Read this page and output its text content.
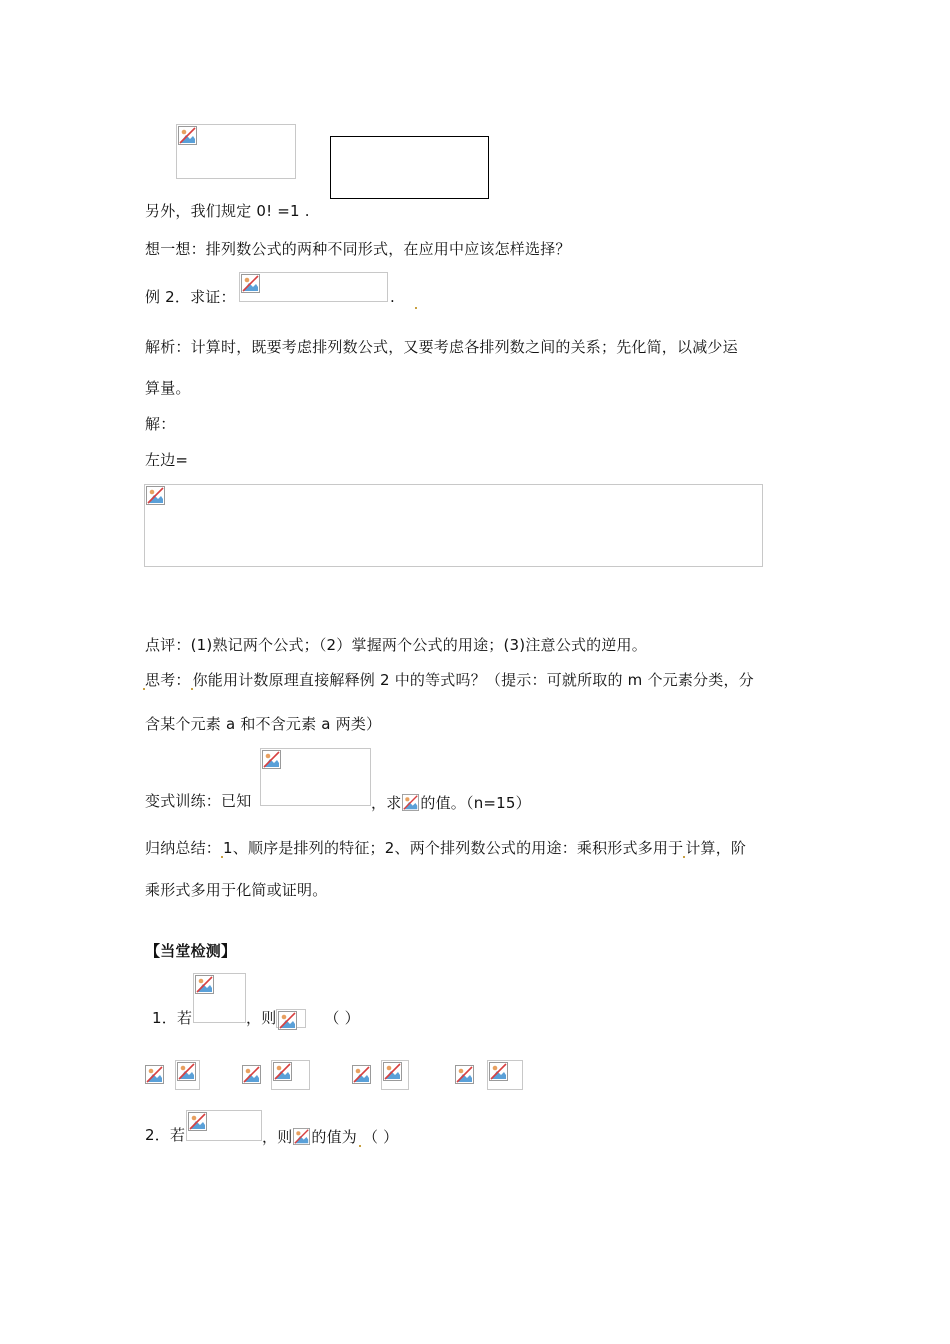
另外，我们规定 0! =1 .
想一想：排列数公式的两种不同形式，在应用中应该怎样选择？
例 2．求证：	.
解析：计算时，既要考虑排列数公式，又要考虑各排列数之间的关系；先化简，以减少运
算量。
解：
左边=
点评：(1)熟记两个公式；（2）掌握两个公式的用途；(3)注意公式的逆用。
思考： 你能用计数原理直接解释例 2 中的等式吗？（提示：可就所取的 m 个元素分类，分
含某个元素 a 和不含元素 a 两类）
变式训练：已知	，求 的值。（n=15）
归纳总结： 1、顺序是排列的特征；2、两个排列数公式的用途：乘积形式多用于 计算，阶
乘形式多用于化简或证明。
【当堂检测】
1．若	，则	（ ）
2．若	，则 的值为 （ ）
